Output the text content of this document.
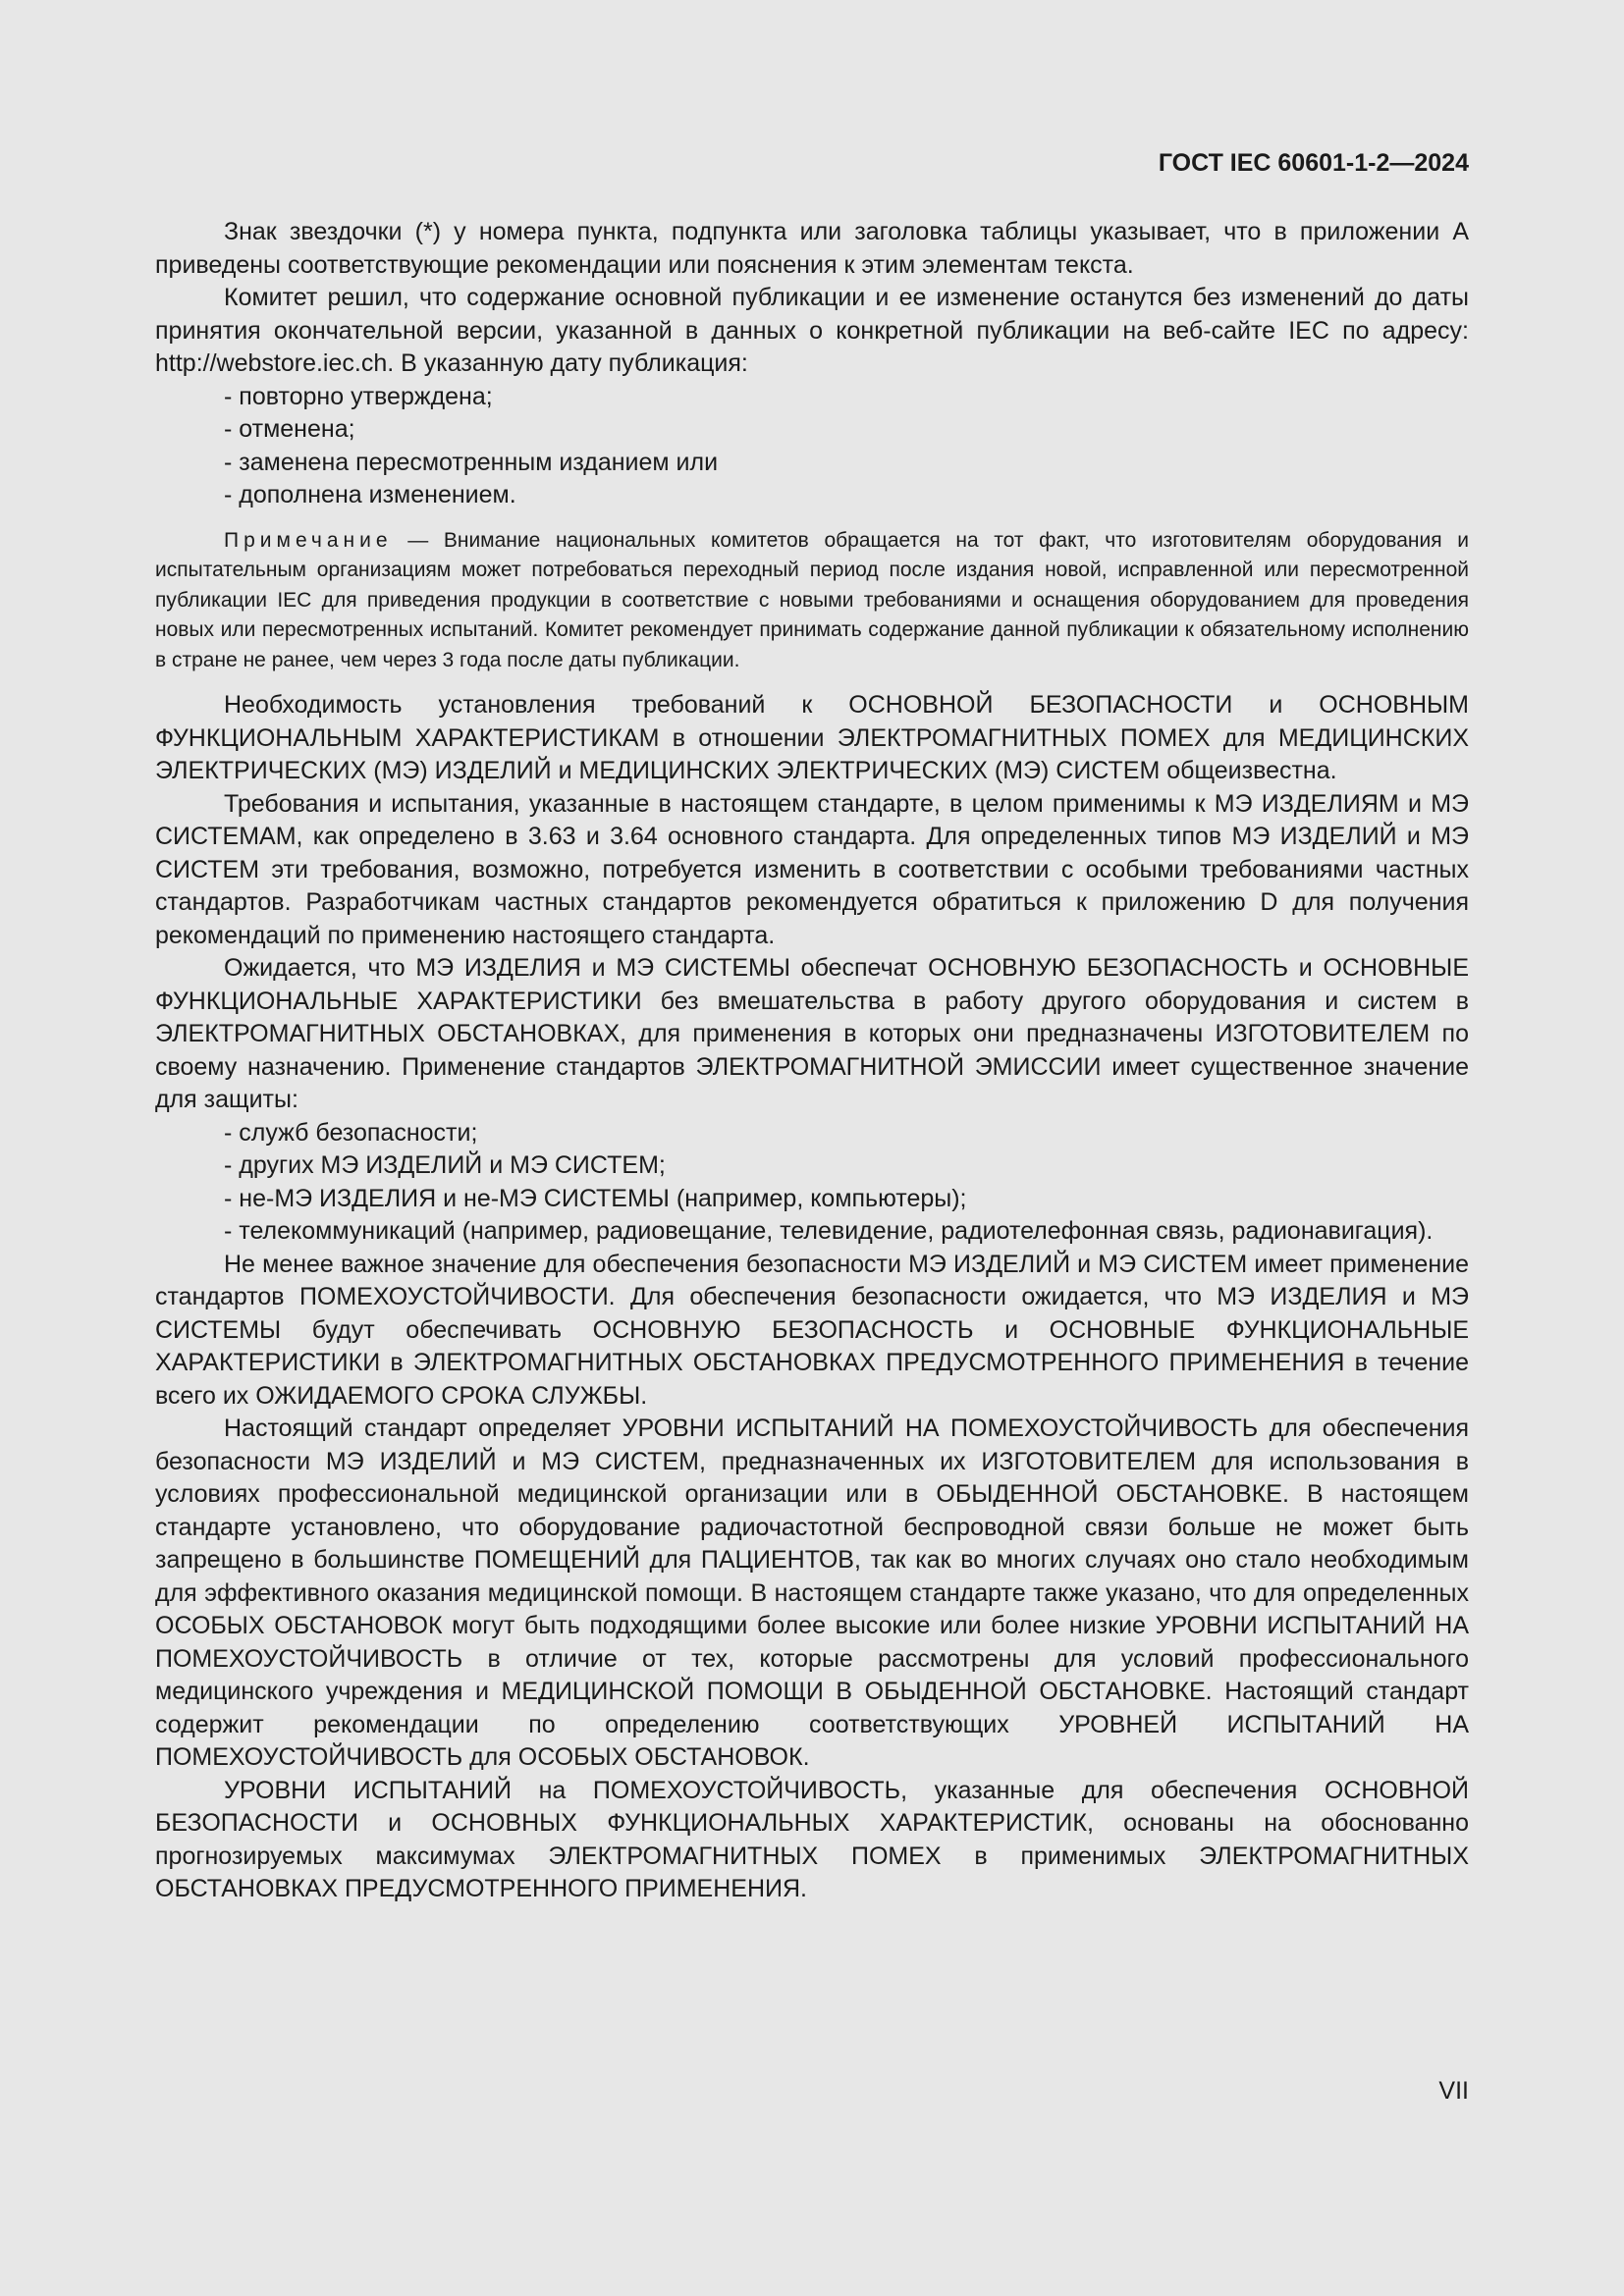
ГОСТ IEC 60601-1-2—2024

Знак звездочки (*) у номера пункта, подпункта или заголовка таблицы указывает, что в приложении А приведены соответствующие рекомендации или пояснения к этим элементам текста.

Комитет решил, что содержание основной публикации и ее изменение останутся без изменений до даты принятия окончательной версии, указанной в данных о конкретной публикации на веб-сайте IEC по адресу: http://webstore.iec.ch. В указанную дату публикация:

- повторно утверждена;
- отменена;
- заменена пересмотренным изданием или
- дополнена изменением.
Примечание — Внимание национальных комитетов обращается на тот факт, что изготовителям оборудования и испытательным организациям может потребоваться переходный период после издания новой, исправленной или пересмотренной публикации IEC для приведения продукции в соответствие с новыми требованиями и оснащения оборудованием для проведения новых или пересмотренных испытаний. Комитет рекомендует принимать содержание данной публикации к обязательному исполнению в стране не ранее, чем через 3 года после даты публикации.

Необходимость установления требований к ОСНОВНОЙ БЕЗОПАСНОСТИ и ОСНОВНЫМ ФУНКЦИОНАЛЬНЫМ ХАРАКТЕРИСТИКАМ в отношении ЭЛЕКТРОМАГНИТНЫХ ПОМЕХ для МЕДИЦИНСКИХ ЭЛЕКТРИЧЕСКИХ (МЭ) ИЗДЕЛИЙ и МЕДИЦИНСКИХ ЭЛЕКТРИЧЕСКИХ (МЭ) СИСТЕМ общеизвестна.

Требования и испытания, указанные в настоящем стандарте, в целом применимы к МЭ ИЗДЕЛИЯМ и МЭ СИСТЕМАМ, как определено в 3.63 и 3.64 основного стандарта. Для определенных типов МЭ ИЗДЕЛИЙ и МЭ СИСТЕМ эти требования, возможно, потребуется изменить в соответствии с особыми требованиями частных стандартов. Разработчикам частных стандартов рекомендуется обратиться к приложению D для получения рекомендаций по применению настоящего стандарта.

Ожидается, что МЭ ИЗДЕЛИЯ и МЭ СИСТЕМЫ обеспечат ОСНОВНУЮ БЕЗОПАСНОСТЬ и ОСНОВНЫЕ ФУНКЦИОНАЛЬНЫЕ ХАРАКТЕРИСТИКИ без вмешательства в работу другого оборудования и систем в ЭЛЕКТРОМАГНИТНЫХ ОБСТАНОВКАХ, для применения в которых они предназначены ИЗГОТОВИТЕЛЕМ по своему назначению. Применение стандартов ЭЛЕКТРОМАГНИТНОЙ ЭМИССИИ имеет существенное значение для защиты:

- служб безопасности;
- других МЭ ИЗДЕЛИЙ и МЭ СИСТЕМ;
- не-МЭ ИЗДЕЛИЯ и не-МЭ СИСТЕМЫ (например, компьютеры);
- телекоммуникаций (например, радиовещание, телевидение, радиотелефонная связь, радионавигация).

Не менее важное значение для обеспечения безопасности МЭ ИЗДЕЛИЙ и МЭ СИСТЕМ имеет применение стандартов ПОМЕХОУСТОЙЧИВОСТИ. Для обеспечения безопасности ожидается, что МЭ ИЗДЕЛИЯ и МЭ СИСТЕМЫ будут обеспечивать ОСНОВНУЮ БЕЗОПАСНОСТЬ и ОСНОВНЫЕ ФУНКЦИОНАЛЬНЫЕ ХАРАКТЕРИСТИКИ в ЭЛЕКТРОМАГНИТНЫХ ОБСТАНОВКАХ ПРЕДУСМОТРЕННОГО ПРИМЕНЕНИЯ в течение всего их ОЖИДАЕМОГО СРОКА СЛУЖБЫ.

Настоящий стандарт определяет УРОВНИ ИСПЫТАНИЙ НА ПОМЕХОУСТОЙЧИВОСТЬ для обеспечения безопасности МЭ ИЗДЕЛИЙ и МЭ СИСТЕМ, предназначенных их ИЗГОТОВИТЕЛЕМ для использования в условиях профессиональной медицинской организации или в ОБЫДЕННОЙ ОБСТАНОВКЕ. В настоящем стандарте установлено, что оборудование радиочастотной беспроводной связи больше не может быть запрещено в большинстве ПОМЕЩЕНИЙ для ПАЦИЕНТОВ, так как во многих случаях оно стало необходимым для эффективного оказания медицинской помощи. В настоящем стандарте также указано, что для определенных ОСОБЫХ ОБСТАНОВОК могут быть подходящими более высокие или более низкие УРОВНИ ИСПЫТАНИЙ НА ПОМЕХОУСТОЙЧИВОСТЬ в отличие от тех, которые рассмотрены для условий профессионального медицинского учреждения и МЕДИЦИНСКОЙ ПОМОЩИ В ОБЫДЕННОЙ ОБСТАНОВКЕ. Настоящий стандарт содержит рекомендации по определению соответствующих УРОВНЕЙ ИСПЫТАНИЙ НА ПОМЕХОУСТОЙЧИВОСТЬ для ОСОБЫХ ОБСТАНОВОК.

УРОВНИ ИСПЫТАНИЙ на ПОМЕХОУСТОЙЧИВОСТЬ, указанные для обеспечения ОСНОВНОЙ БЕЗОПАСНОСТИ и ОСНОВНЫХ ФУНКЦИОНАЛЬНЫХ ХАРАКТЕРИСТИК, основаны на обоснованно прогнозируемых максимумах ЭЛЕКТРОМАГНИТНЫХ ПОМЕХ в применимых ЭЛЕКТРОМАГНИТНЫХ ОБСТАНОВКАХ ПРЕДУСМОТРЕННОГО ПРИМЕНЕНИЯ.

VII
